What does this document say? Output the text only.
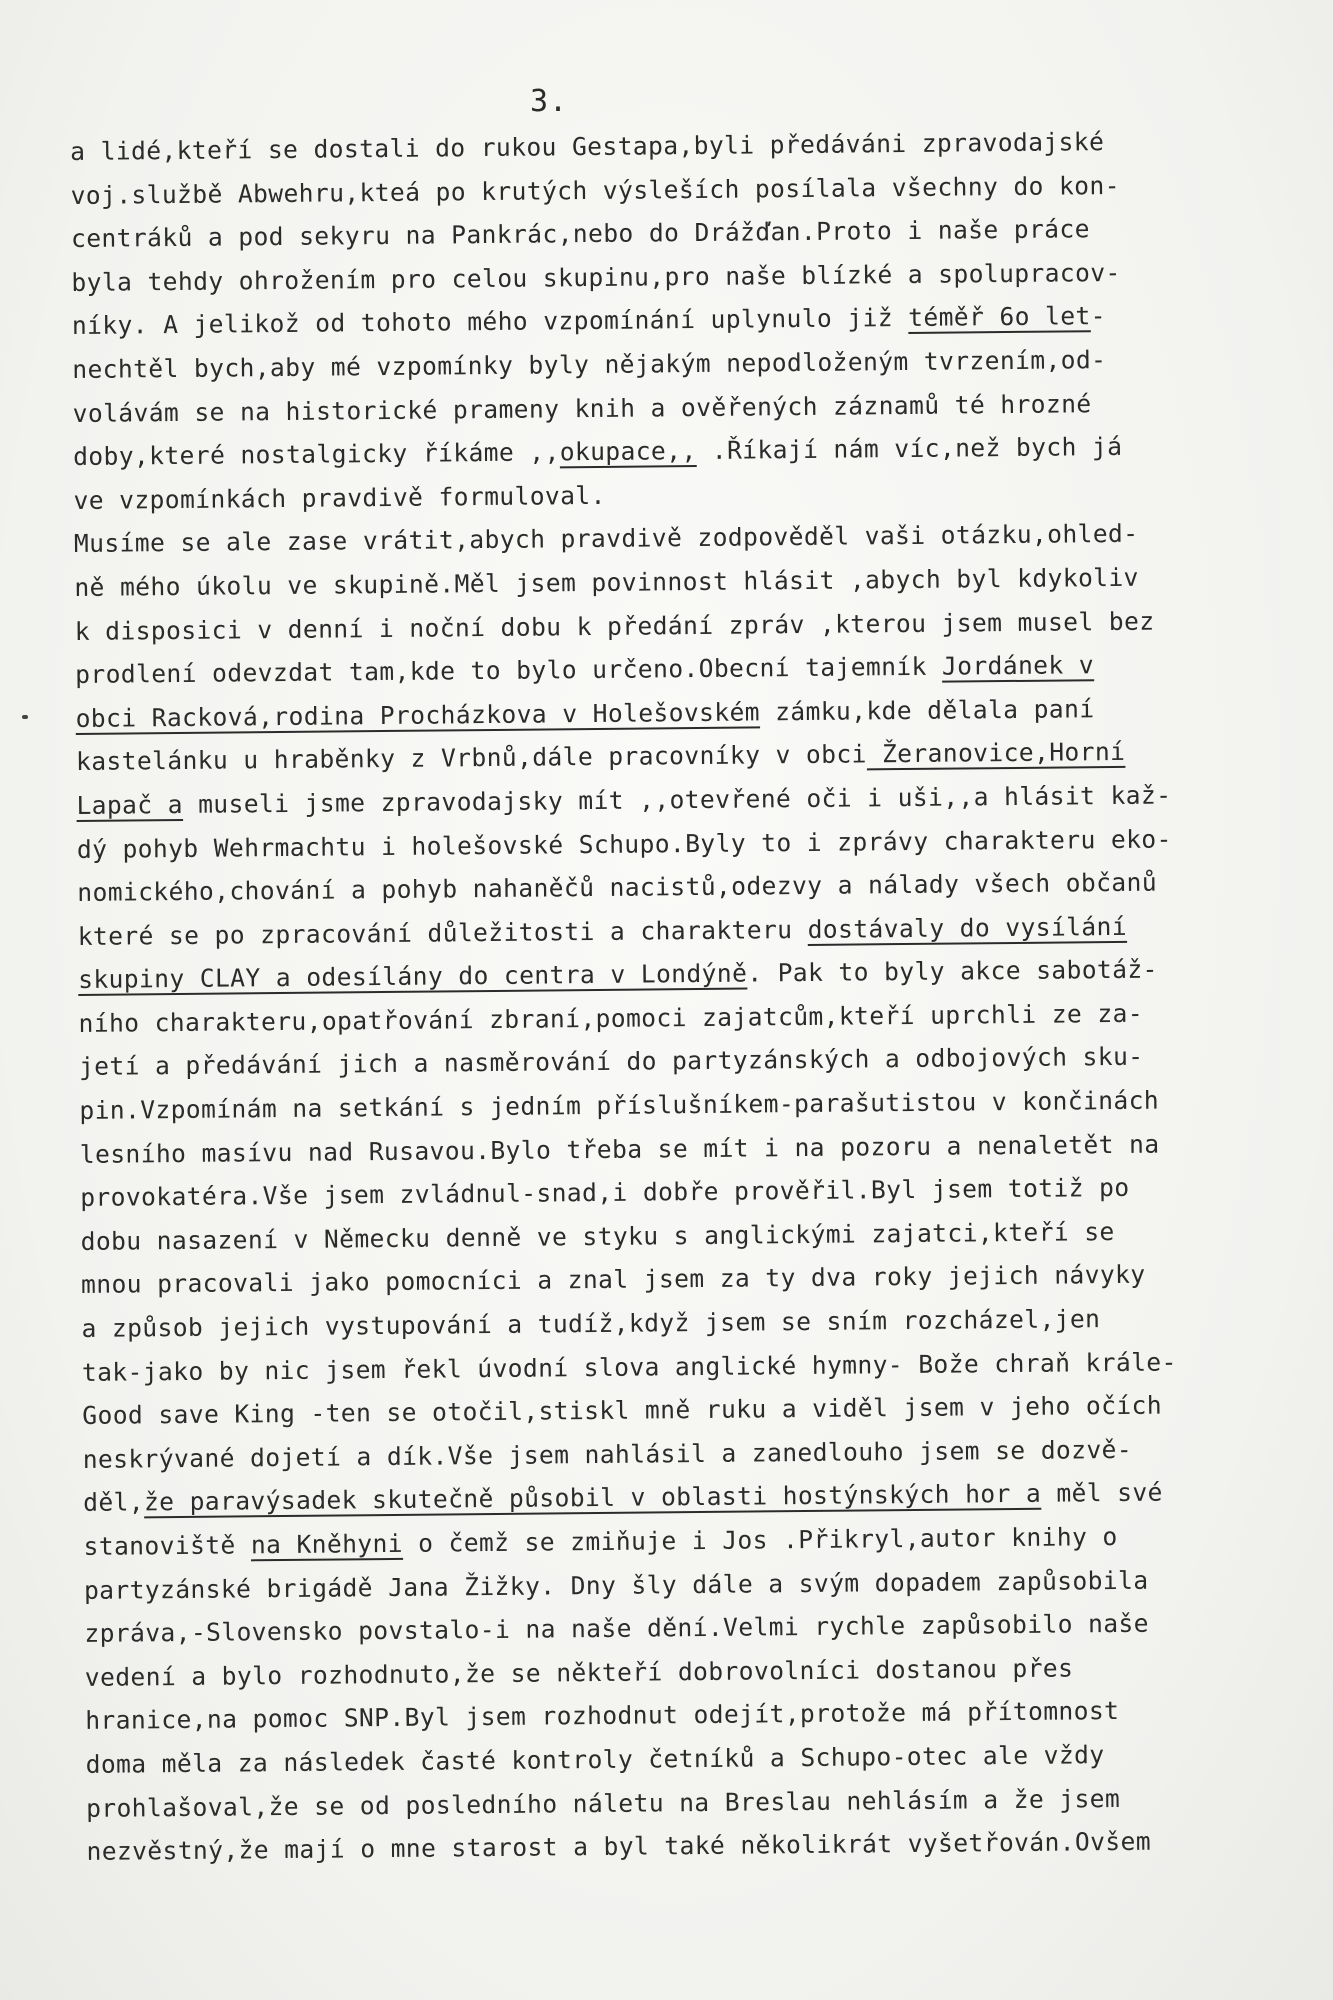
3.
a lidé,kteří se dostali do rukou Gestapa,byli předáváni zpravodajské
voj.službě Abwehru,kteá po krutých výsleších posílala všechny do kon-
centráků a pod sekyru na Pankrác,nebo do Drážďan.Proto i naše práce
byla tehdy ohrožením pro celou skupinu,pro naše blízké a spolupracov-
níky. A jelikož od tohoto mého vzpomínání uplynulo již téměř 6o let-
nechtěl bych,aby mé vzpomínky byly nějakým nepodloženým tvrzením,od-
volávám se na historické prameny knih a ověřených záznamů té hrozné
doby,které nostalgicky říkáme ,,okupace,, .Říkají nám víc,než bych já
ve vzpomínkách pravdivě formuloval.
Musíme se ale zase vrátit,abych pravdivě zodpověděl vaši otázku,ohled-
ně mého úkolu ve skupině.Měl jsem povinnost hlásit ,abych byl kdykoliv
k disposici v denní i noční dobu k předání zpráv ,kterou jsem musel bez
prodlení odevzdat tam,kde to bylo určeno.Obecní tajemník Jordánek v
obci Racková,rodina Procházkova v Holešovském zámku,kde dělala paní
kastelánku u hraběnky z Vrbnů,dále pracovníky v obci Žeranovice,Horní
Lapač a museli jsme zpravodajsky mít ,,otevřené oči i uši,,a hlásit kaž-
dý pohyb Wehrmachtu i holešovské Schupo.Byly to i zprávy charakteru eko-
nomického,chování a pohyb nahaněčů nacistů,odezvy a nálady všech občanů
které se po zpracování důležitosti a charakteru dostávaly do vysílání
skupiny CLAY a odesílány do centra v Londýně. Pak to byly akce sabotáž-
ního charakteru,opatřování zbraní,pomoci zajatcům,kteří uprchli ze za-
jetí a předávání jich a nasměrování do partyzánských a odbojových sku-
pin.Vzpomínám na setkání s jedním příslušníkem-parašutistou v končinách
lesního masívu nad Rusavou.Bylo třeba se mít i na pozoru a nenaletět na
provokatéra.Vše jsem zvládnul-snad,i dobře prověřil.Byl jsem totiž po
dobu nasazení v Německu denně ve styku s anglickými zajatci,kteří se
mnou pracovali jako pomocníci a znal jsem za ty dva roky jejich návyky
a způsob jejich vystupování a tudíž,když jsem se sním rozcházel,jen
tak-jako by nic jsem řekl úvodní slova anglické hymny- Bože chraň krále-
Good save King -ten se otočil,stiskl mně ruku a viděl jsem v jeho očích
neskrývané dojetí a dík.Vše jsem nahlásil a zanedlouho jsem se dozvě-
děl,že paravýsadek skutečně působil v oblasti hostýnských hor a měl své
stanoviště na Kněhyni o čemž se zmiňuje i Jos .Přikryl,autor knihy o
partyzánské brigádě Jana Žižky. Dny šly dále a svým dopadem zapůsobila
zpráva,-Slovensko povstalo-i na naše dění.Velmi rychle zapůsobilo naše
vedení a bylo rozhodnuto,že se někteří dobrovolníci dostanou přes
hranice,na pomoc SNP.Byl jsem rozhodnut odejít,protože má přítomnost
doma měla za následek časté kontroly četníků a Schupo-otec ale vždy
prohlašoval,že se od posledního náletu na Breslau nehlásím a že jsem
nezvěstný,že mají o mne starost a byl také několikrát vyšetřován.Ovšem
